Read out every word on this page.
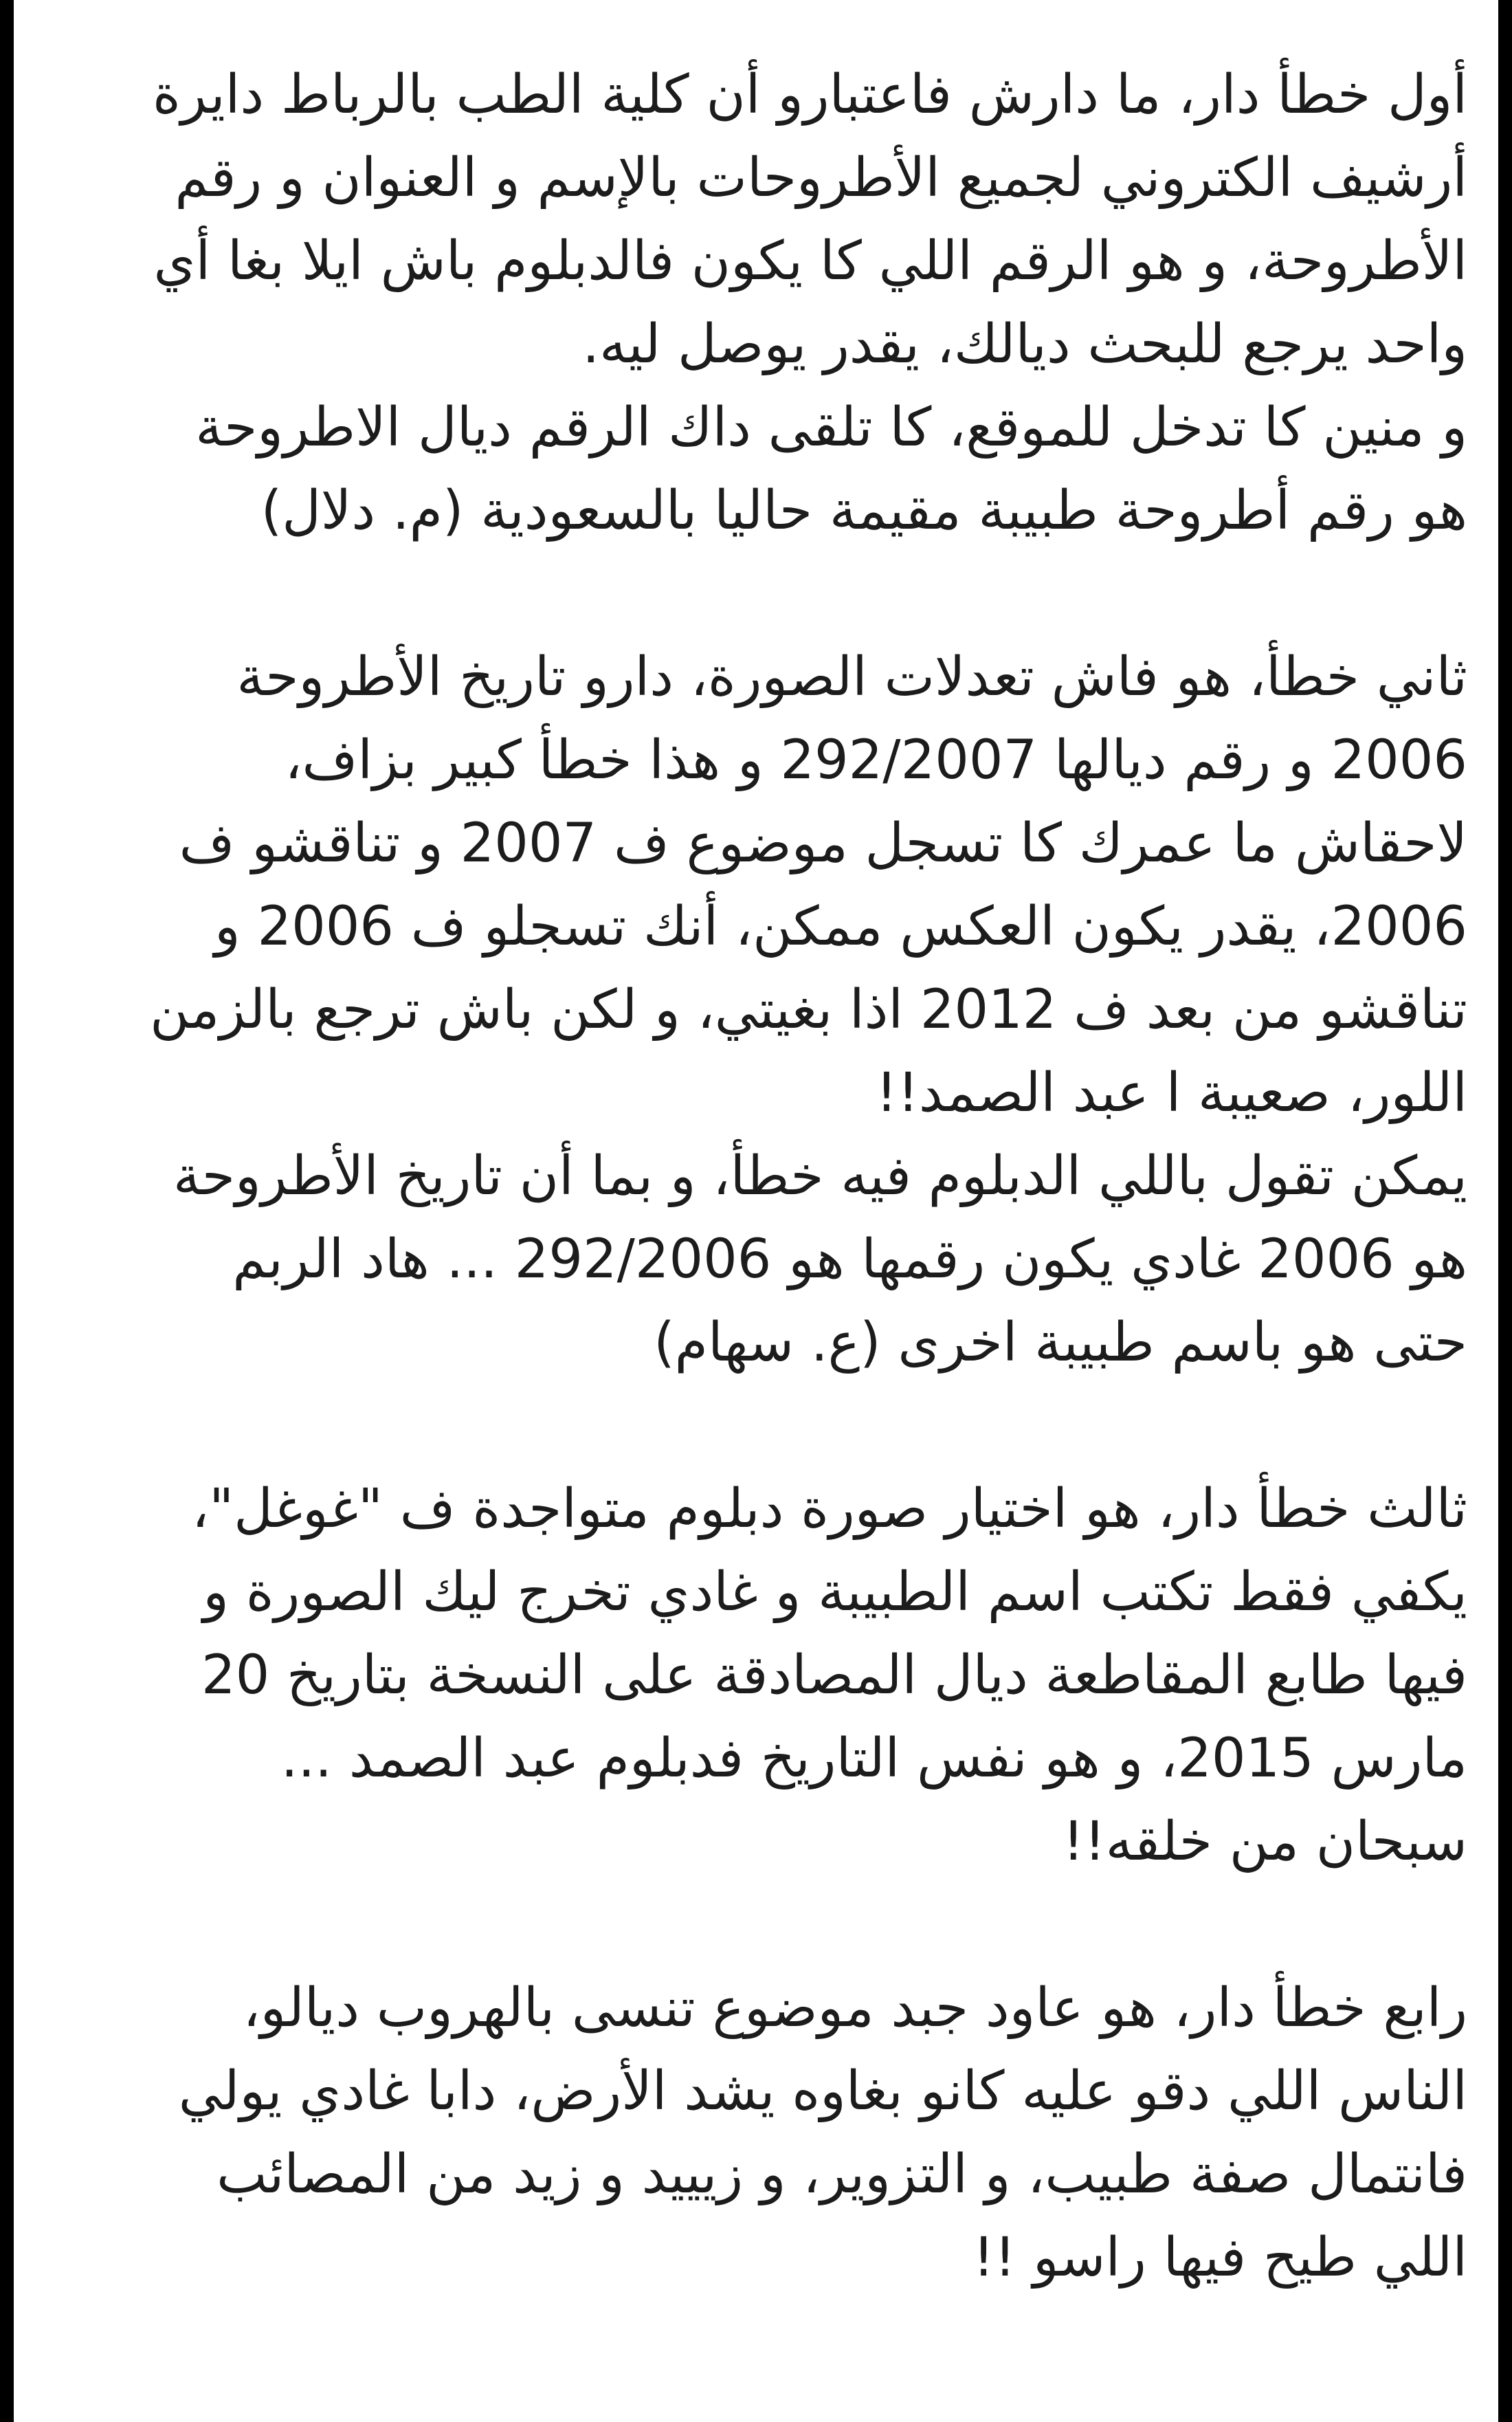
أول خطأ دار، ما دارش فاعتبارو أن كلية الطب بالرباط دايرة
أرشيف الكتروني لجميع الأطروحات بالإسم و العنوان و رقم
الأطروحة، و هو الرقم اللي كا يكون فالدبلوم باش ايلا بغا أي
واحد يرجع للبحث ديالك، يقدر يوصل ليه.
و منين كا تدخل للموقع، كا تلقى داك الرقم ديال الاطروحة
هو رقم أطروحة طبيبة مقيمة حاليا بالسعودية (م. دلال)
ثاني خطأ، هو فاش تعدلات الصورة، دارو تاريخ الأطروحة
2006 و رقم ديالها 292/2007 و هذا خطأ كبير بزاف،
لاحقاش ما عمرك كا تسجل موضوع ف 2007 و تناقشو ف
2006، يقدر يكون العكس ممكن، أنك تسجلو ف 2006 و
تناقشو من بعد ف 2012 اذا بغيتي، و لكن باش ترجع بالزمن
اللور، صعيبة ا عبد الصمد!!
يمكن تقول باللي الدبلوم فيه خطأ، و بما أن تاريخ الأطروحة
هو 2006 غادي يكون رقمها هو 292/2006 ... هاد الربم
حتى هو باسم طبيبة اخرى (ع. سهام)
ثالث خطأ دار، هو اختيار صورة دبلوم متواجدة ف "غوغل"،
يكفي فقط تكتب اسم الطبيبة و غادي تخرج ليك الصورة و
فيها طابع المقاطعة ديال المصادقة على النسخة بتاريخ 20
مارس 2015، و هو نفس التاريخ فدبلوم عبد الصمد ...
سبحان من خلقه!!
رابع خطأ دار، هو عاود جبد موضوع تنسى بالهروب ديالو،
الناس اللي دقو عليه كانو بغاوه يشد الأرض، دابا غادي يولي
فانتمال صفة طبيب، و التزوير، و زيييد و زيد من المصائب
اللي طيح فيها راسو !!
